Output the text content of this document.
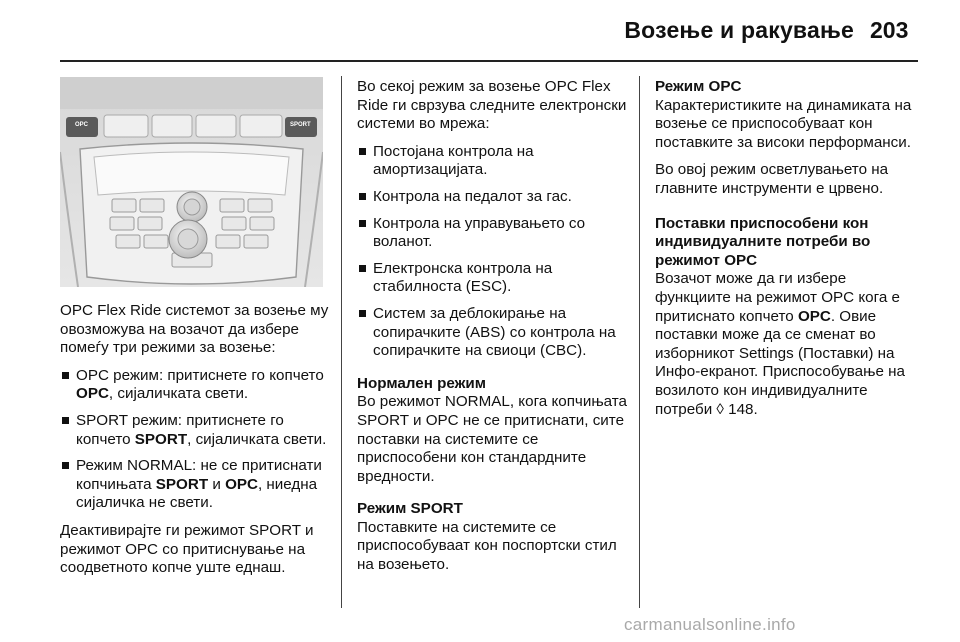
Возење и ракување 203
OPC	SPORT

OPC Flex Ride системот за возење му овозможува на возачот да избере помеѓу три режими за возење:

OPC режим: притиснете го копчето OPC, сијаличката свети.
SPORT режим: притиснете го копчето SPORT, сијаличката свети.
Режим NORMAL: не се притиснати копчињата SPORT и OPC, ниедна сијаличка не свети.

Деактивирајте ги режимот SPORT и режимот OPC со притиснување на соодветното копче уште еднаш.

Во секој режим за возење OPC Flex Ride ги сврзува следните електронски системи во мрежа:

Постојана контрола на амортизацијата.
Контрола на педалот за гас.
Контрола на управувањето со воланот.
Електронска контрола на стабилноста (ESC).
Систем за деблокирање на сопирачките (ABS) со контрола на сопирачките на свиоци (CBC).
Нормален режим

Во режимот NORMAL, кога копчињата SPORT и OPC не се притиснати, сите поставки на системите се приспособени кон стандардните вредности.

Режим SPORT

Поставките на системите се приспособуваат кон поспортски стил на возењето.

Режим OPC

Карактеристиките на динамиката на возење се приспособуваат кон поставките за високи перформанси.

Во овој режим осветлувањето на главните инструменти е црвено.

Поставки приспособени кон индивидуалните потреби во режимот OPC

Возачот може да ги избере функциите на режимот OPC кога е притиснато копчето OPC. Овие поставки може да се сменат во изборникот Settings (Поставки) на Инфо-екранот. Приспособување на возилото кон индивидуалните потреби ◊ 148.

carmanualsonline.info
